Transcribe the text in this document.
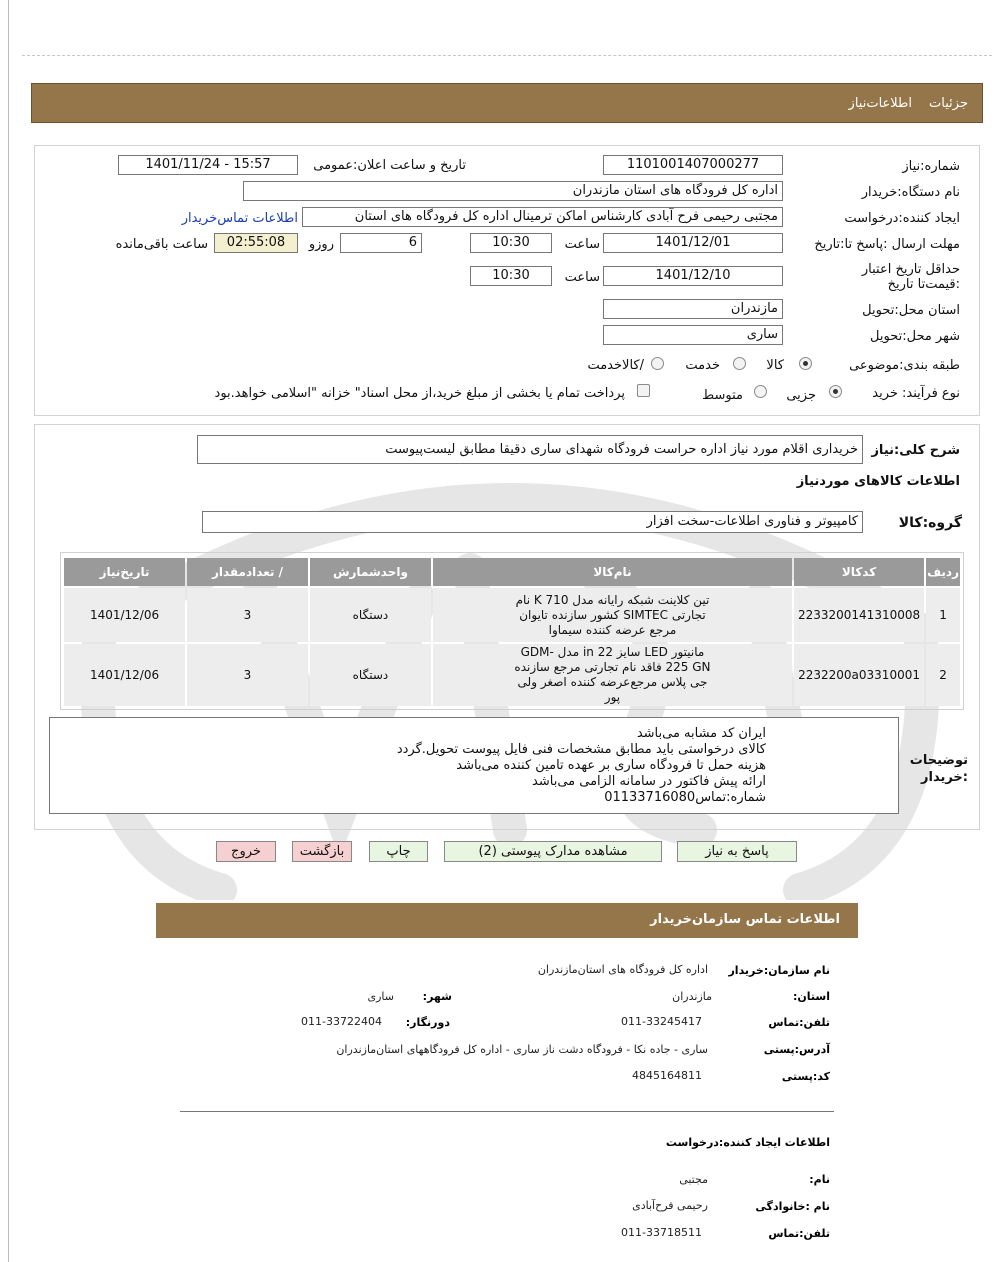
جزئیات
اطلاعات‌نیاز
شماره:نیاز
1101001407000277
تاریخ و ساعت اعلان:عمومی
1401/11/24 - 15:57
نام دستگاه:خریدار
اداره کل فرودگاه های استان مازندران
ایجاد کننده:درخواست
مجتبی رحیمی فرح آبادی کارشناس اماکن ترمینال اداره کل فرودگاه های استان
اطلاعات تماس‌خریدار
مهلت ارسال :پاسخ تا:تاریخ
1401/12/01
ساعت
10:30
6
روزو
02:55:08
ساعت باقی‌مانده
حداقل تاریخ اعتبار :قیمت‌تا تاریخ
1401/12/10
ساعت
10:30
استان محل:تحویل
مازندران
شهر محل:تحویل
ساری
طبقه بندی:موضوعی
کالا
خدمت
/کالاخدمت
نوع فرآیند: خرید
جزیی
متوسط
پرداخت تمام یا بخشی از مبلغ خرید،از محل اسناد" خزانه "اسلامی خواهد.بود
شرح کلی:نیاز
خریداری اقلام مورد نیاز اداره حراست فرودگاه شهدای ساری دقیقا مطابق لیست‌پیوست
اطلاعات کالاهای موردنیاز
گروه:کالا
کامپیوتر و فناوری اطلاعات-سخت افزار
ردیف	کدکالا	نام‌کالا	واحدشمارش	/ تعدادمقدار	تاریخ‌نیاز
1	2233200141310008	تین کلاینت شبکه رایانه مدل K 710 نام تجارتی SIMTEC کشور سازنده تایوان مرجع عرضه کننده سیماوا	دستگاه	3	1401/12/06
2	2232200a03310001	مانیتور LED سایز 22 in مدل GDM-225 GN فاقد نام تجارتی مرجع سازنده جی پلاس مرجع‌عرضه کننده اصغر ولی پور	دستگاه	3	1401/12/06
توضیحات :خریدار
ایران کد مشابه می‌باشد
کالای درخواستی باید مطابق مشخصات فنی فایل پیوست تحویل.گردد
هزینه حمل تا فرودگاه ساری بر عهده تامین کننده می‌باشد
ارائه پیش فاکتور در سامانه الزامی می‌باشد
شماره:تماس01133716080
پاسخ به نیاز
مشاهده مدارک پیوستی (2)
چاپ
بازگشت
خروج
اطلاعات تماس سازمان‌خریدار
نام سازمان:خریدار
اداره کل فرودگاه های استان‌مازندران
استان:
مازندران
شهر:
ساری
تلفن:تماس
011-33245417
دورنگار:
011-33722404
آدرس:پستی
ساری - جاده نکا - فرودگاه دشت ناز ساری - اداره کل فرودگاههای استان‌مازندران
کد:پستی
4845164811
اطلاعات ایجاد کننده:درخواست
نام:
مجتبی
نام :خانوادگی
رحیمی فرح‌آبادی
تلفن:تماس
011-33718511
